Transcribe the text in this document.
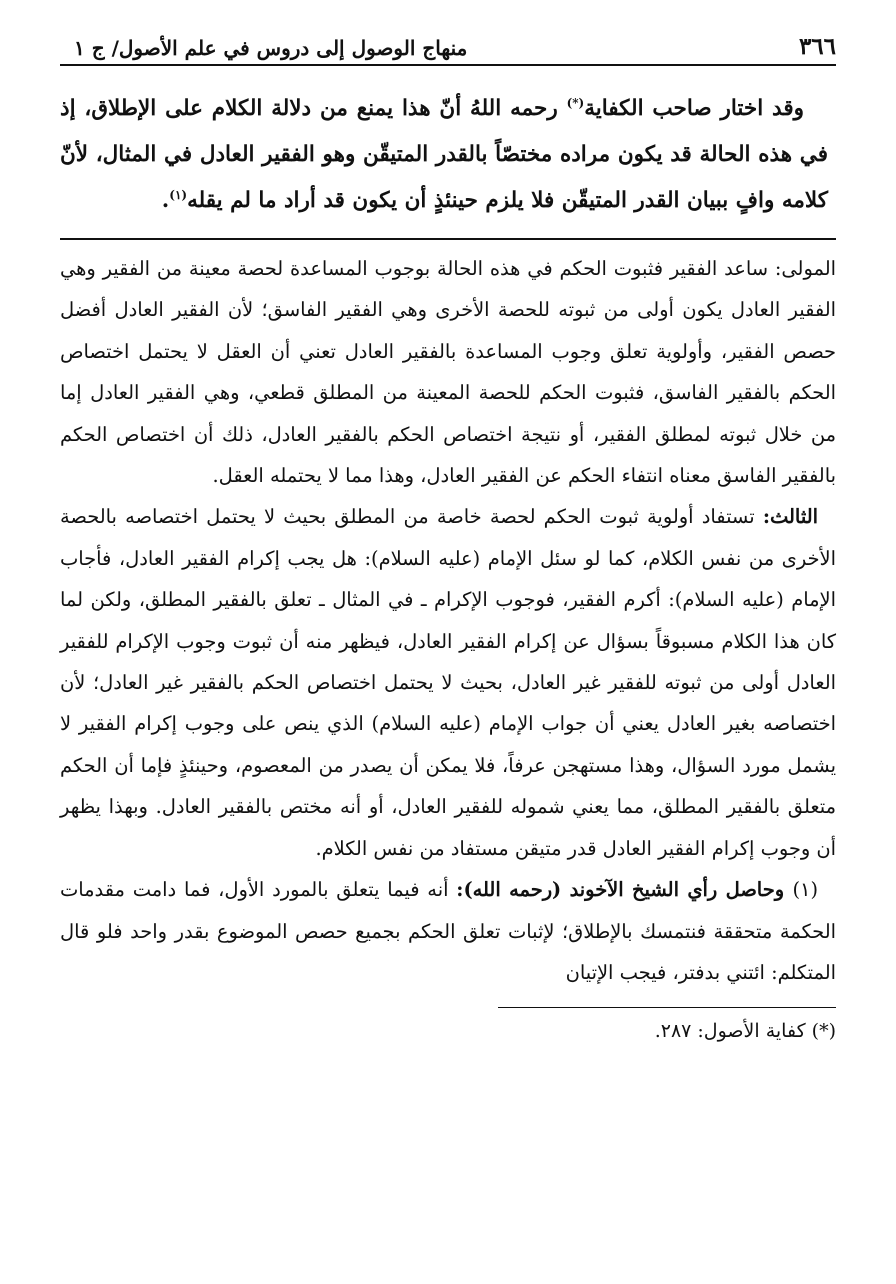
٣٦٦
منهاج الوصول إلى دروس في علم الأصول/ ج ١

وقد اختار صاحب الكفاية(*) رحمه اللهُ أنّ هذا يمنع من دلالة الكلام على الإطلاق، إذ في هذه الحالة قد يكون مراده مختصّاً بالقدر المتيقّن وهو الفقير العادل في المثال، لأنّ كلامه وافٍ ببيان القدر المتيقّن فلا يلزم حينئذٍ أن يكون قد أراد ما لم يقله$^{(١)}$.

المولى: ساعد الفقير فثبوت الحكم في هذه الحالة بوجوب المساعدة لحصة معينة من الفقير وهي الفقير العادل يكون أولى من ثبوته للحصة الأخرى وهي الفقير الفاسق؛ لأن الفقير العادل أفضل حصص الفقير، وأولوية تعلق وجوب المساعدة بالفقير العادل تعني أن العقل لا يحتمل اختصاص الحكم بالفقير الفاسق، فثبوت الحكم للحصة المعينة من المطلق قطعي، وهي الفقير العادل إما من خلال ثبوته لمطلق الفقير، أو نتيجة اختصاص الحكم بالفقير العادل، ذلك أن اختصاص الحكم بالفقير الفاسق معناه انتفاء الحكم عن الفقير العادل، وهذا مما لا يحتمله العقل.

الثالث: تستفاد أولوية ثبوت الحكم لحصة خاصة من المطلق بحيث لا يحتمل اختصاصه بالحصة الأخرى من نفس الكلام، كما لو سئل الإمام (عليه السلام): هل يجب إكرام الفقير العادل، فأجاب الإمام (عليه السلام): أكرم الفقير، فوجوب الإكرام ـ في المثال ـ تعلق بالفقير المطلق، ولكن لما كان هذا الكلام مسبوقاً بسؤال عن إكرام الفقير العادل، فيظهر منه أن ثبوت وجوب الإكرام للفقير العادل أولى من ثبوته للفقير غير العادل، بحيث لا يحتمل اختصاص الحكم بالفقير غير العادل؛ لأن اختصاصه بغير العادل يعني أن جواب الإمام (عليه السلام) الذي ينص على وجوب إكرام الفقير لا يشمل مورد السؤال، وهذا مستهجن عرفاً، فلا يمكن أن يصدر من المعصوم، وحينئذٍ فإما أن الحكم متعلق بالفقير المطلق، مما يعني شموله للفقير العادل، أو أنه مختص بالفقير العادل. وبهذا يظهر أن وجوب إكرام الفقير العادل قدر متيقن مستفاد من نفس الكلام.

(١) وحاصل رأي الشيخ الآخوند (رحمه الله): أنه فيما يتعلق بالمورد الأول، فما دامت مقدمات الحكمة متحققة فنتمسك بالإطلاق؛ لإثبات تعلق الحكم بجميع حصص الموضوع بقدر واحد فلو قال المتكلم: ائتني بدفتر، فيجب الإتيان

(*) كفاية الأصول: ٢٨٧.
